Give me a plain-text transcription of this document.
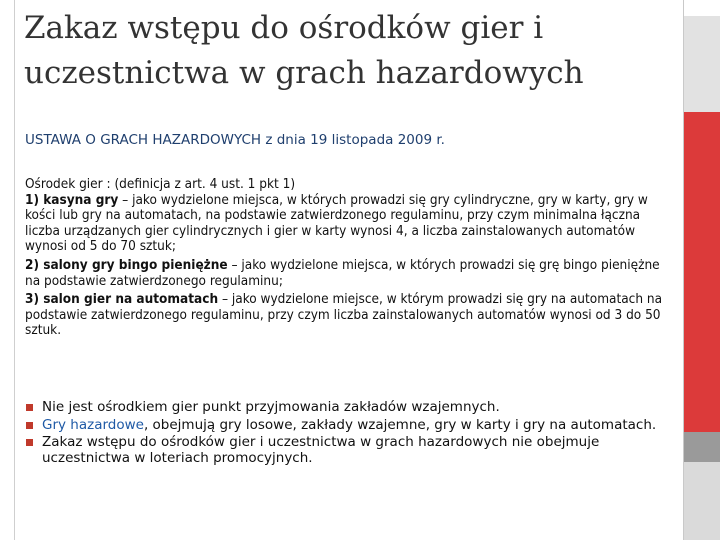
Zakaz wstępu do ośrodków gier i
uczestnictwa w grach hazardowych

USTAWA O GRACH HAZARDOWYCH z dnia 19 listopada 2009 r.

Ośrodek gier : (definicja z art. 4 ust. 1 pkt 1)

1) kasyna gry – jako wydzielone miejsca, w których prowadzi się gry cylindryczne, gry w karty, gry w kości lub gry na automatach, na podstawie zatwierdzonego regulaminu, przy czym minimalna łączna liczba urządzanych gier cylindrycznych i gier w karty wynosi 4, a liczba zainstalowanych automatów wynosi od 5 do 70 sztuk;

2) salony gry bingo pieniężne – jako wydzielone miejsca, w których prowadzi się grę bingo pieniężne na podstawie zatwierdzonego regulaminu;

3) salon gier na automatach – jako wydzielone miejsce, w którym prowadzi się gry na automatach na podstawie zatwierdzonego regulaminu, przy czym liczba zainstalowanych automatów wynosi od 3 do 50 sztuk.

Nie jest ośrodkiem gier punkt przyjmowania zakładów wzajemnych.
Gry hazardowe, obejmują gry losowe, zakłady wzajemne, gry w karty i gry na automatach.
Zakaz wstępu do ośrodków gier i uczestnictwa w grach hazardowych nie obejmuje uczestnictwa w loteriach promocyjnych.
